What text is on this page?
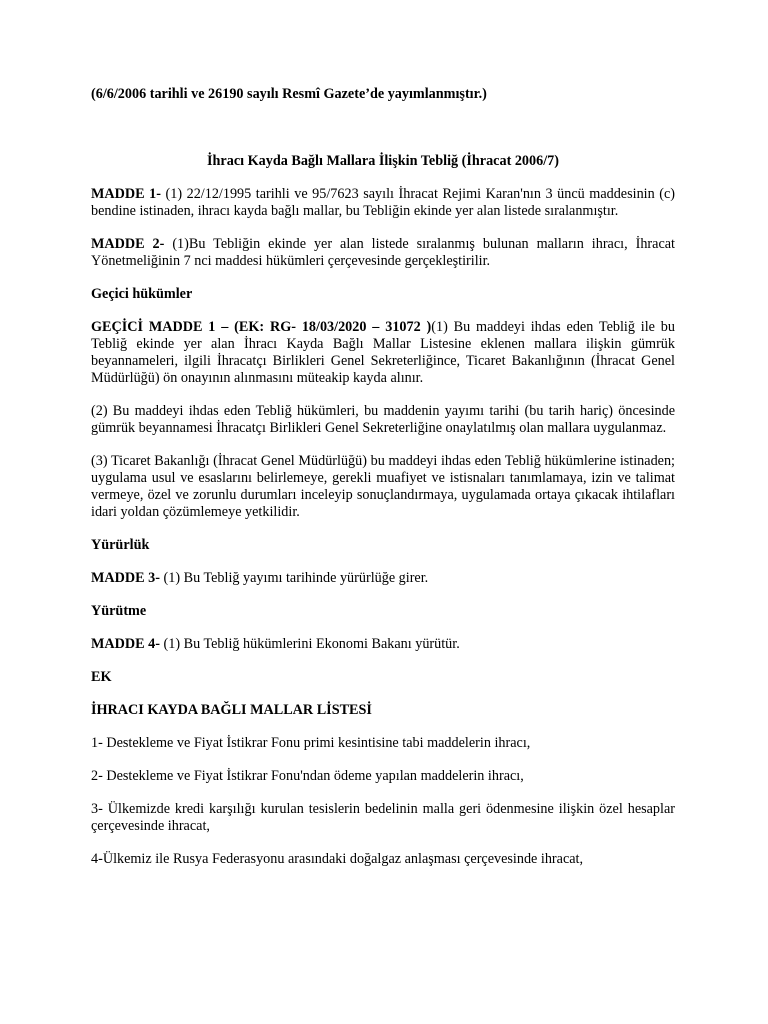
(6/6/2006 tarihli ve 26190 sayılı Resmî Gazete’de yayımlanmıştır.)

İhracı Kayda Bağlı Mallara İlişkin Tebliğ (İhracat 2006/7)

MADDE 1- (1) 22/12/1995 tarihli ve 95/7623 sayılı İhracat Rejimi Karan'nın 3 üncü maddesinin (c) bendine istinaden, ihracı kayda bağlı mallar, bu Tebliğin ekinde yer alan listede sıralanmıştır.

MADDE 2- (1)Bu Tebliğin ekinde yer alan listede sıralanmış bulunan malların ihracı, İhracat Yönetmeliğinin 7 nci maddesi hükümleri çerçevesinde gerçekleştirilir.

Geçici hükümler

GEÇİCİ MADDE 1 – (EK: RG- 18/03/2020 – 31072 )(1) Bu maddeyi ihdas eden Tebliğ ile bu Tebliğ ekinde yer alan İhracı Kayda Bağlı Mallar Listesine eklenen mallara ilişkin gümrük beyannameleri, ilgili İhracatçı Birlikleri Genel Sekreterliğince, Ticaret Bakanlığının (İhracat Genel Müdürlüğü) ön onayının alınmasını müteakip kayda alınır.

(2) Bu maddeyi ihdas eden Tebliğ hükümleri, bu maddenin yayımı tarihi (bu tarih hariç) öncesinde gümrük beyannamesi İhracatçı Birlikleri Genel Sekreterliğine onaylatılmış olan mallara uygulanmaz.

(3) Ticaret Bakanlığı (İhracat Genel Müdürlüğü) bu maddeyi ihdas eden Tebliğ hükümlerine istinaden; uygulama usul ve esaslarını belirlemeye, gerekli muafiyet ve istisnaları tanımlamaya, izin ve talimat vermeye, özel ve zorunlu durumları inceleyip sonuçlandırmaya, uygulamada ortaya çıkacak ihtilafları idari yoldan çözümlemeye yetkilidir.

Yürürlük

MADDE 3- (1) Bu Tebliğ yayımı tarihinde yürürlüğe girer.

Yürütme

MADDE 4- (1) Bu Tebliğ hükümlerini Ekonomi Bakanı yürütür.

EK

İHRACI KAYDA BAĞLI MALLAR LİSTESİ

1- Destekleme ve Fiyat İstikrar Fonu primi kesintisine tabi maddelerin ihracı,

2- Destekleme ve Fiyat İstikrar Fonu'ndan ödeme yapılan maddelerin ihracı,

3- Ülkemizde kredi karşılığı kurulan tesislerin bedelinin malla geri ödenmesine ilişkin özel hesaplar çerçevesinde ihracat,

4-Ülkemiz ile Rusya Federasyonu arasındaki doğalgaz anlaşması çerçevesinde ihracat,
